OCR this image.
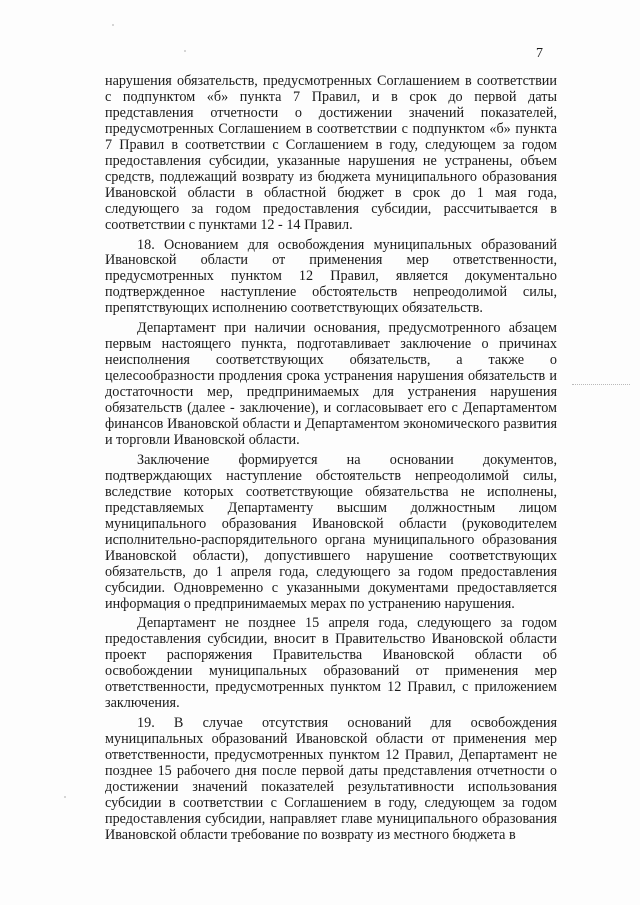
7

нарушения обязательств, предусмотренных Соглашением в соответствии с подпунктом «б» пункта 7 Правил, и в срок до первой даты представления отчетности о достижении значений показателей, предусмотренных Соглашением в соответствии с подпунктом «б» пункта 7 Правил в соответствии с Соглашением в году, следующем за годом предоставления субсидии, указанные нарушения не устранены, объем средств, подлежащий возврату из бюджета муниципального образования Ивановской области в областной бюджет в срок до 1 мая года, следующего за годом предоставления субсидии, рассчитывается в соответствии с пунктами 12 - 14 Правил.

18. Основанием для освобождения муниципальных образований Ивановской области от применения мер ответственности, предусмотренных пунктом 12 Правил, является документально подтвержденное наступление обстоятельств непреодолимой силы, препятствующих исполнению соответствующих обязательств.

Департамент при наличии основания, предусмотренного абзацем первым настоящего пункта, подготавливает заключение о причинах неисполнения соответствующих обязательств, а также о целесообразности продления срока устранения нарушения обязательств и достаточности мер, предпринимаемых для устранения нарушения обязательств (далее - заключение), и согласовывает его с Департаментом финансов Ивановской области и Департаментом экономического развития и торговли Ивановской области.

Заключение формируется на основании документов, подтверждающих наступление обстоятельств непреодолимой силы, вследствие которых соответствующие обязательства не исполнены, представляемых Департаменту высшим должностным лицом муниципального образования Ивановской области (руководителем исполнительно-распорядительного органа муниципального образования Ивановской области), допустившего нарушение соответствующих обязательств, до 1 апреля года, следующего за годом предоставления субсидии. Одновременно с указанными документами предоставляется информация о предпринимаемых мерах по устранению нарушения.

Департамент не позднее 15 апреля года, следующего за годом предоставления субсидии, вносит в Правительство Ивановской области проект распоряжения Правительства Ивановской области об освобождении муниципальных образований от применения мер ответственности, предусмотренных пунктом 12 Правил, с приложением заключения.

19. В случае отсутствия оснований для освобождения муниципальных образований Ивановской области от применения мер ответственности, предусмотренных пунктом 12 Правил, Департамент не позднее 15 рабочего дня после первой даты представления отчетности о достижении значений показателей результативности использования субсидии в соответствии с Соглашением в году, следующем за годом предоставления субсидии, направляет главе муниципального образования Ивановской области требование по возврату из местного бюджета в
